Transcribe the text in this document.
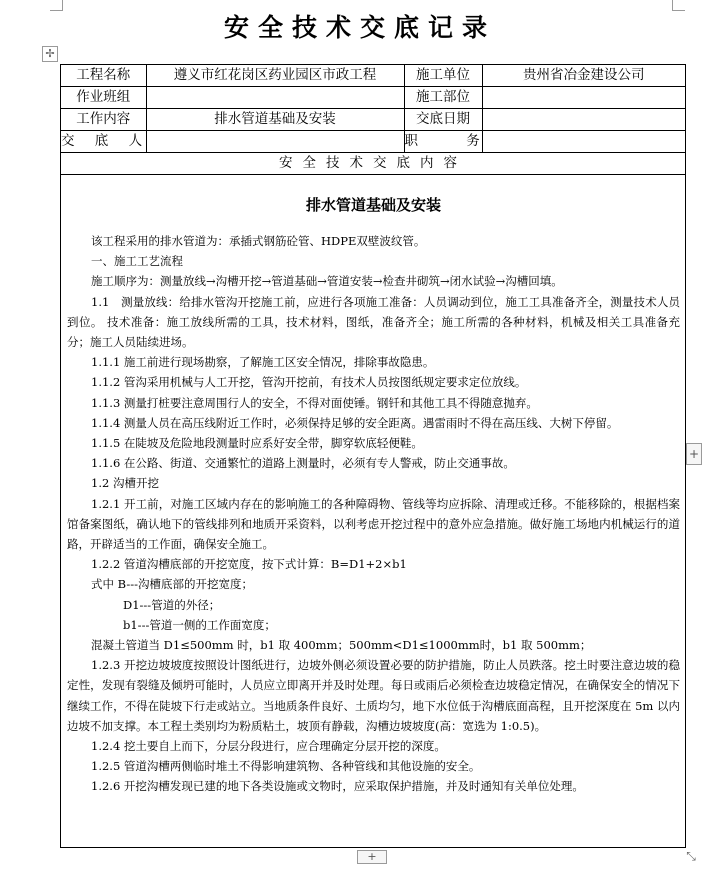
安全技术交底记录
✢
工程名称	遵义市红花岗区药业园区市政工程	施工单位	贵州省冶金建设公司
作业班组		施工部位	
工作内容	排水管道基础及安装	交底日期	
交 底 人		职 务	
安全技术交底内容			
排水管道基础及安装

该工程采用的排水管道为：承插式钢筋砼管、HDPE双壁波纹管。

一、施工工艺流程

施工顺序为：测量放线→沟槽开挖→管道基础→管道安装→检查井砌筑→闭水试验→沟槽回填。

1.1　测量放线：给排水管沟开挖施工前，应进行各项施工准备：人员调动到位，施工工具准备齐全，测量技术人员到位。 技术准备：施工放线所需的工具，技术材料，图纸，准备齐全；施工所需的各种材料，机械及相关工具准备充分；施工人员陆续进场。

1.1.1 施工前进行现场勘察，了解施工区安全情况，排除事故隐患。

1.1.2 管沟采用机械与人工开挖，管沟开挖前，有技术人员按图纸规定要求定位放线。

1.1.3 测量打桩要注意周围行人的安全，不得对面使锤。钢钎和其他工具不得随意抛弃。

1.1.4 测量人员在高压线附近工作时，必须保持足够的安全距离。遇雷雨时不得在高压线、大树下停留。

1.1.5 在陡坡及危险地段测量时应系好安全带，脚穿软底轻便鞋。

1.1.6 在公路、街道、交通繁忙的道路上测量时，必须有专人警戒，防止交通事故。

1.2 沟槽开挖

1.2.1 开工前，对施工区域内存在的影响施工的各种障碍物、管线等均应拆除、清理或迁移。不能移除的，根据档案馆备案图纸，确认地下的管线排列和地质开采资料，以利考虑开挖过程中的意外应急措施。做好施工场地内机械运行的道路，开辟适当的工作面，确保安全施工。

1.2.2 管道沟槽底部的开挖宽度，按下式计算：B=D1+2×b1

式中 B---沟槽底部的开挖宽度；

D1---管道的外径；

b1---管道一侧的工作面宽度；

混凝土管道当 D1≤500mm 时，b1 取 400mm；500mm<D1≤1000mm时，b1 取 500mm；

1.2.3 开挖边坡坡度按照设计图纸进行，边坡外侧必须设置必要的防护措施，防止人员跌落。挖土时要注意边坡的稳定性，发现有裂缝及倾坍可能时，人员应立即离开并及时处理。每日或雨后必须检查边坡稳定情况，在确保安全的情况下继续工作，不得在陡坡下行走或站立。当地质条件良好、土质均匀，地下水位低于沟槽底面高程，且开挖深度在 5m 以内边坡不加支撑。本工程土类别均为粉质粘土，坡顶有静载，沟槽边坡坡度(高：宽选为 1:0.5)。

1.2.4 挖土要自上而下，分层分段进行，应合理确定分层开挖的深度。

1.2.5 管道沟槽两侧临时堆土不得影响建筑物、各种管线和其他设施的安全。

1.2.6 开挖沟槽发现已建的地下各类设施或文物时，应采取保护措施，并及时通知有关单位处理。

+
+	⤡
